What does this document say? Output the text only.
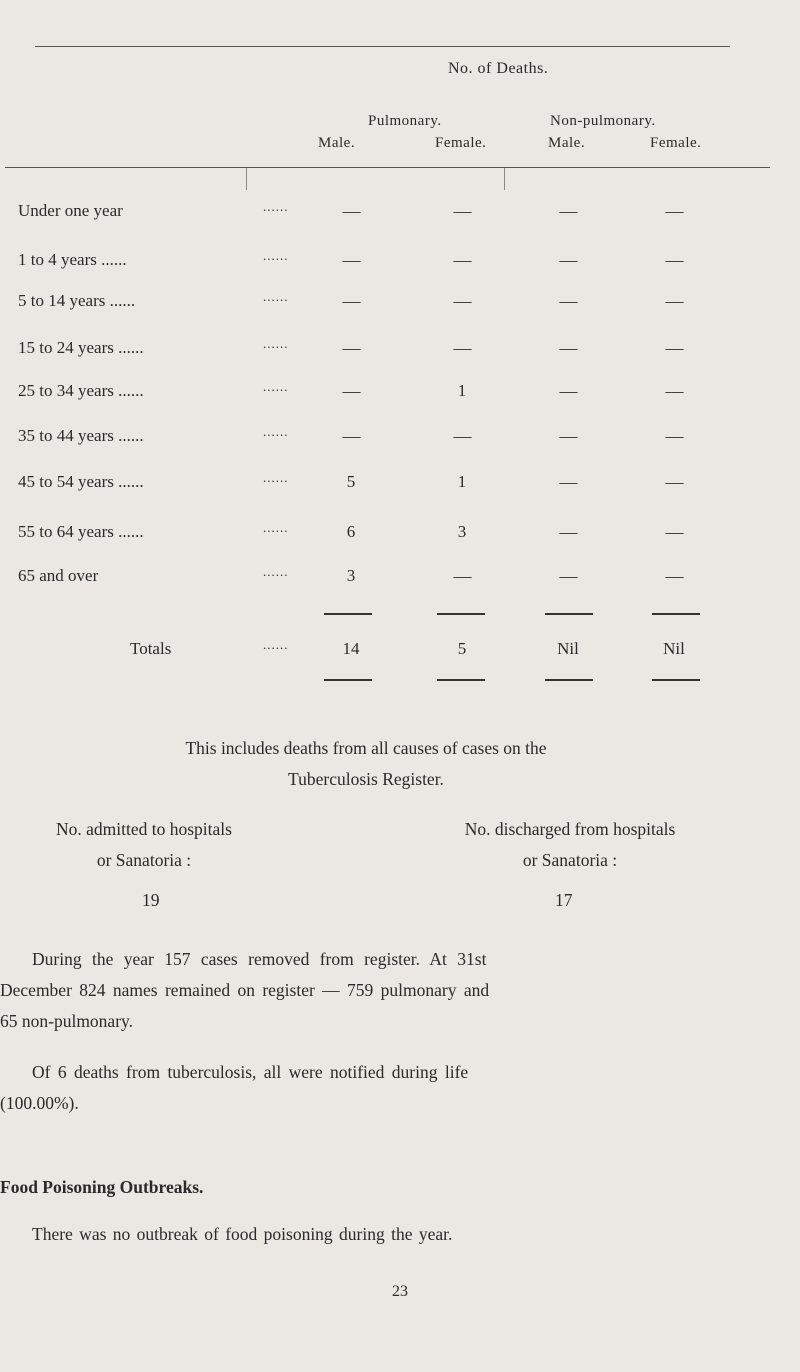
No. of Deaths.
Pulmonary.	Non-pulmonary.
Male.	Female.	Male.	Female.
Under one year	......	—	—	—	—
1 to 4 years ......	......	—	—	—	—
5 to 14 years ......	......	—	—	—	—
15 to 24 years ......	......	—	—	—	—
25 to 34 years ......	......	—	1	—	—
35 to 44 years ......	......	—	—	—	—
45 to 54 years ......	......	5	1	—	—
55 to 64 years ......	......	6	3	—	—
65 and over	......	3	—	—	—
Totals	......	14	5	Nil	Nil
This includes deaths from all causes of cases on the
Tuberculosis Register.
No. admitted to hospitals
or Sanatoria :
No. discharged from hospitals
or Sanatoria :
19	17
During the year 157 cases removed from register. At 31st
December 824 names remained on register — 759 pulmonary and
65 non-pulmonary.
Of 6 deaths from tuberculosis, all were notified during life
(100.00%).
Food Poisoning Outbreaks.
There was no outbreak of food poisoning during the year.
23
